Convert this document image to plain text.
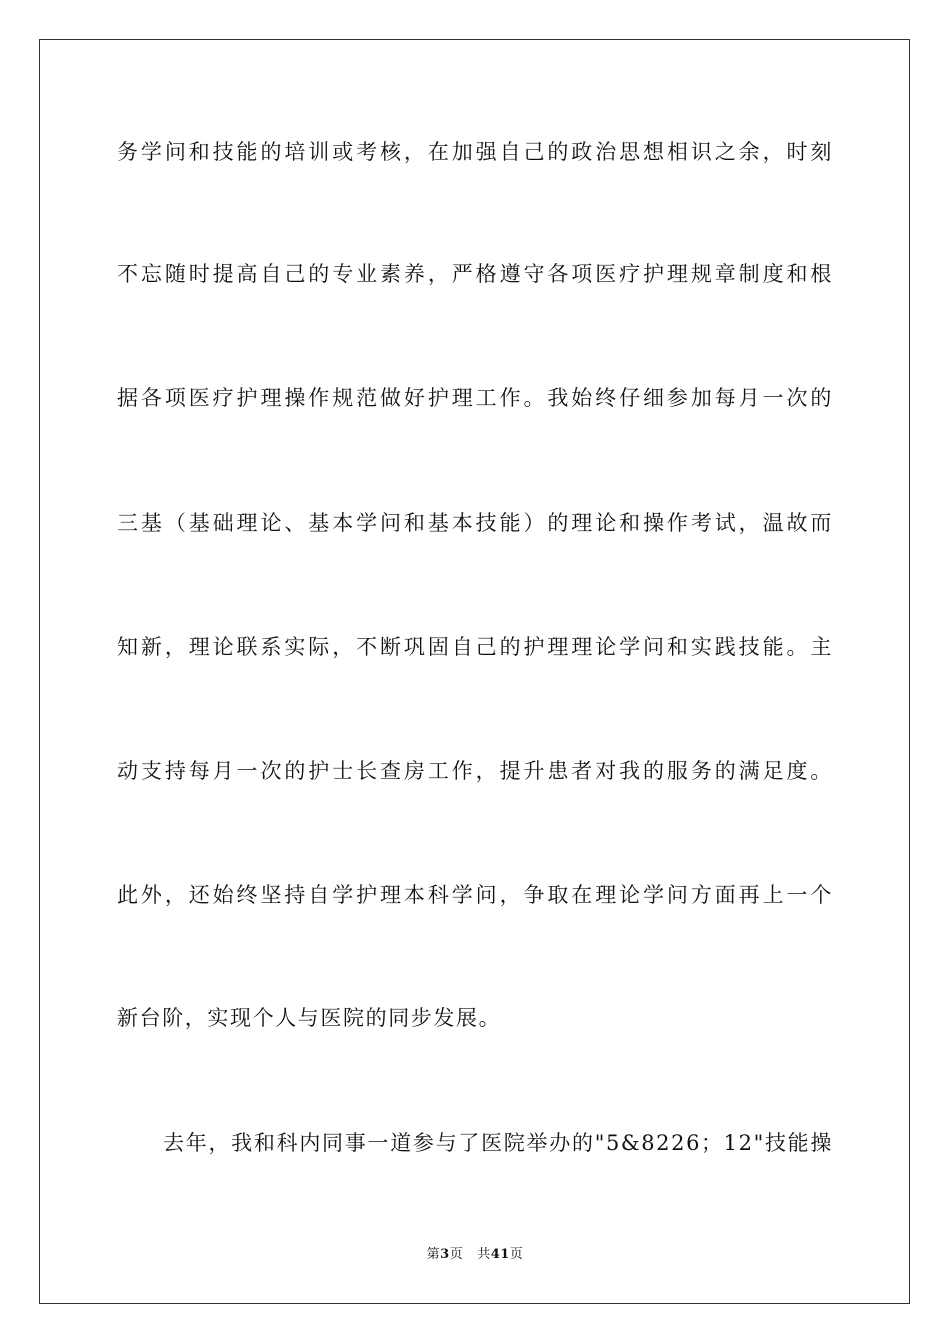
务学问和技能的培训或考核，在加强自己的政治思想相识之余，时刻
不忘随时提高自己的专业素养，严格遵守各项医疗护理规章制度和根
据各项医疗护理操作规范做好护理工作。我始终仔细参加每月一次的
三基（基础理论、基本学问和基本技能）的理论和操作考试，温故而
知新，理论联系实际，不断巩固自己的护理理论学问和实践技能。主
动支持每月一次的护士长查房工作，提升患者对我的服务的满足度。
此外，还始终坚持自学护理本科学问，争取在理论学问方面再上一个
新台阶，实现个人与医院的同步发展。
去年，我和科内同事一道参与了医院举办的"5&8226；12"技能操
第3页 共41页
